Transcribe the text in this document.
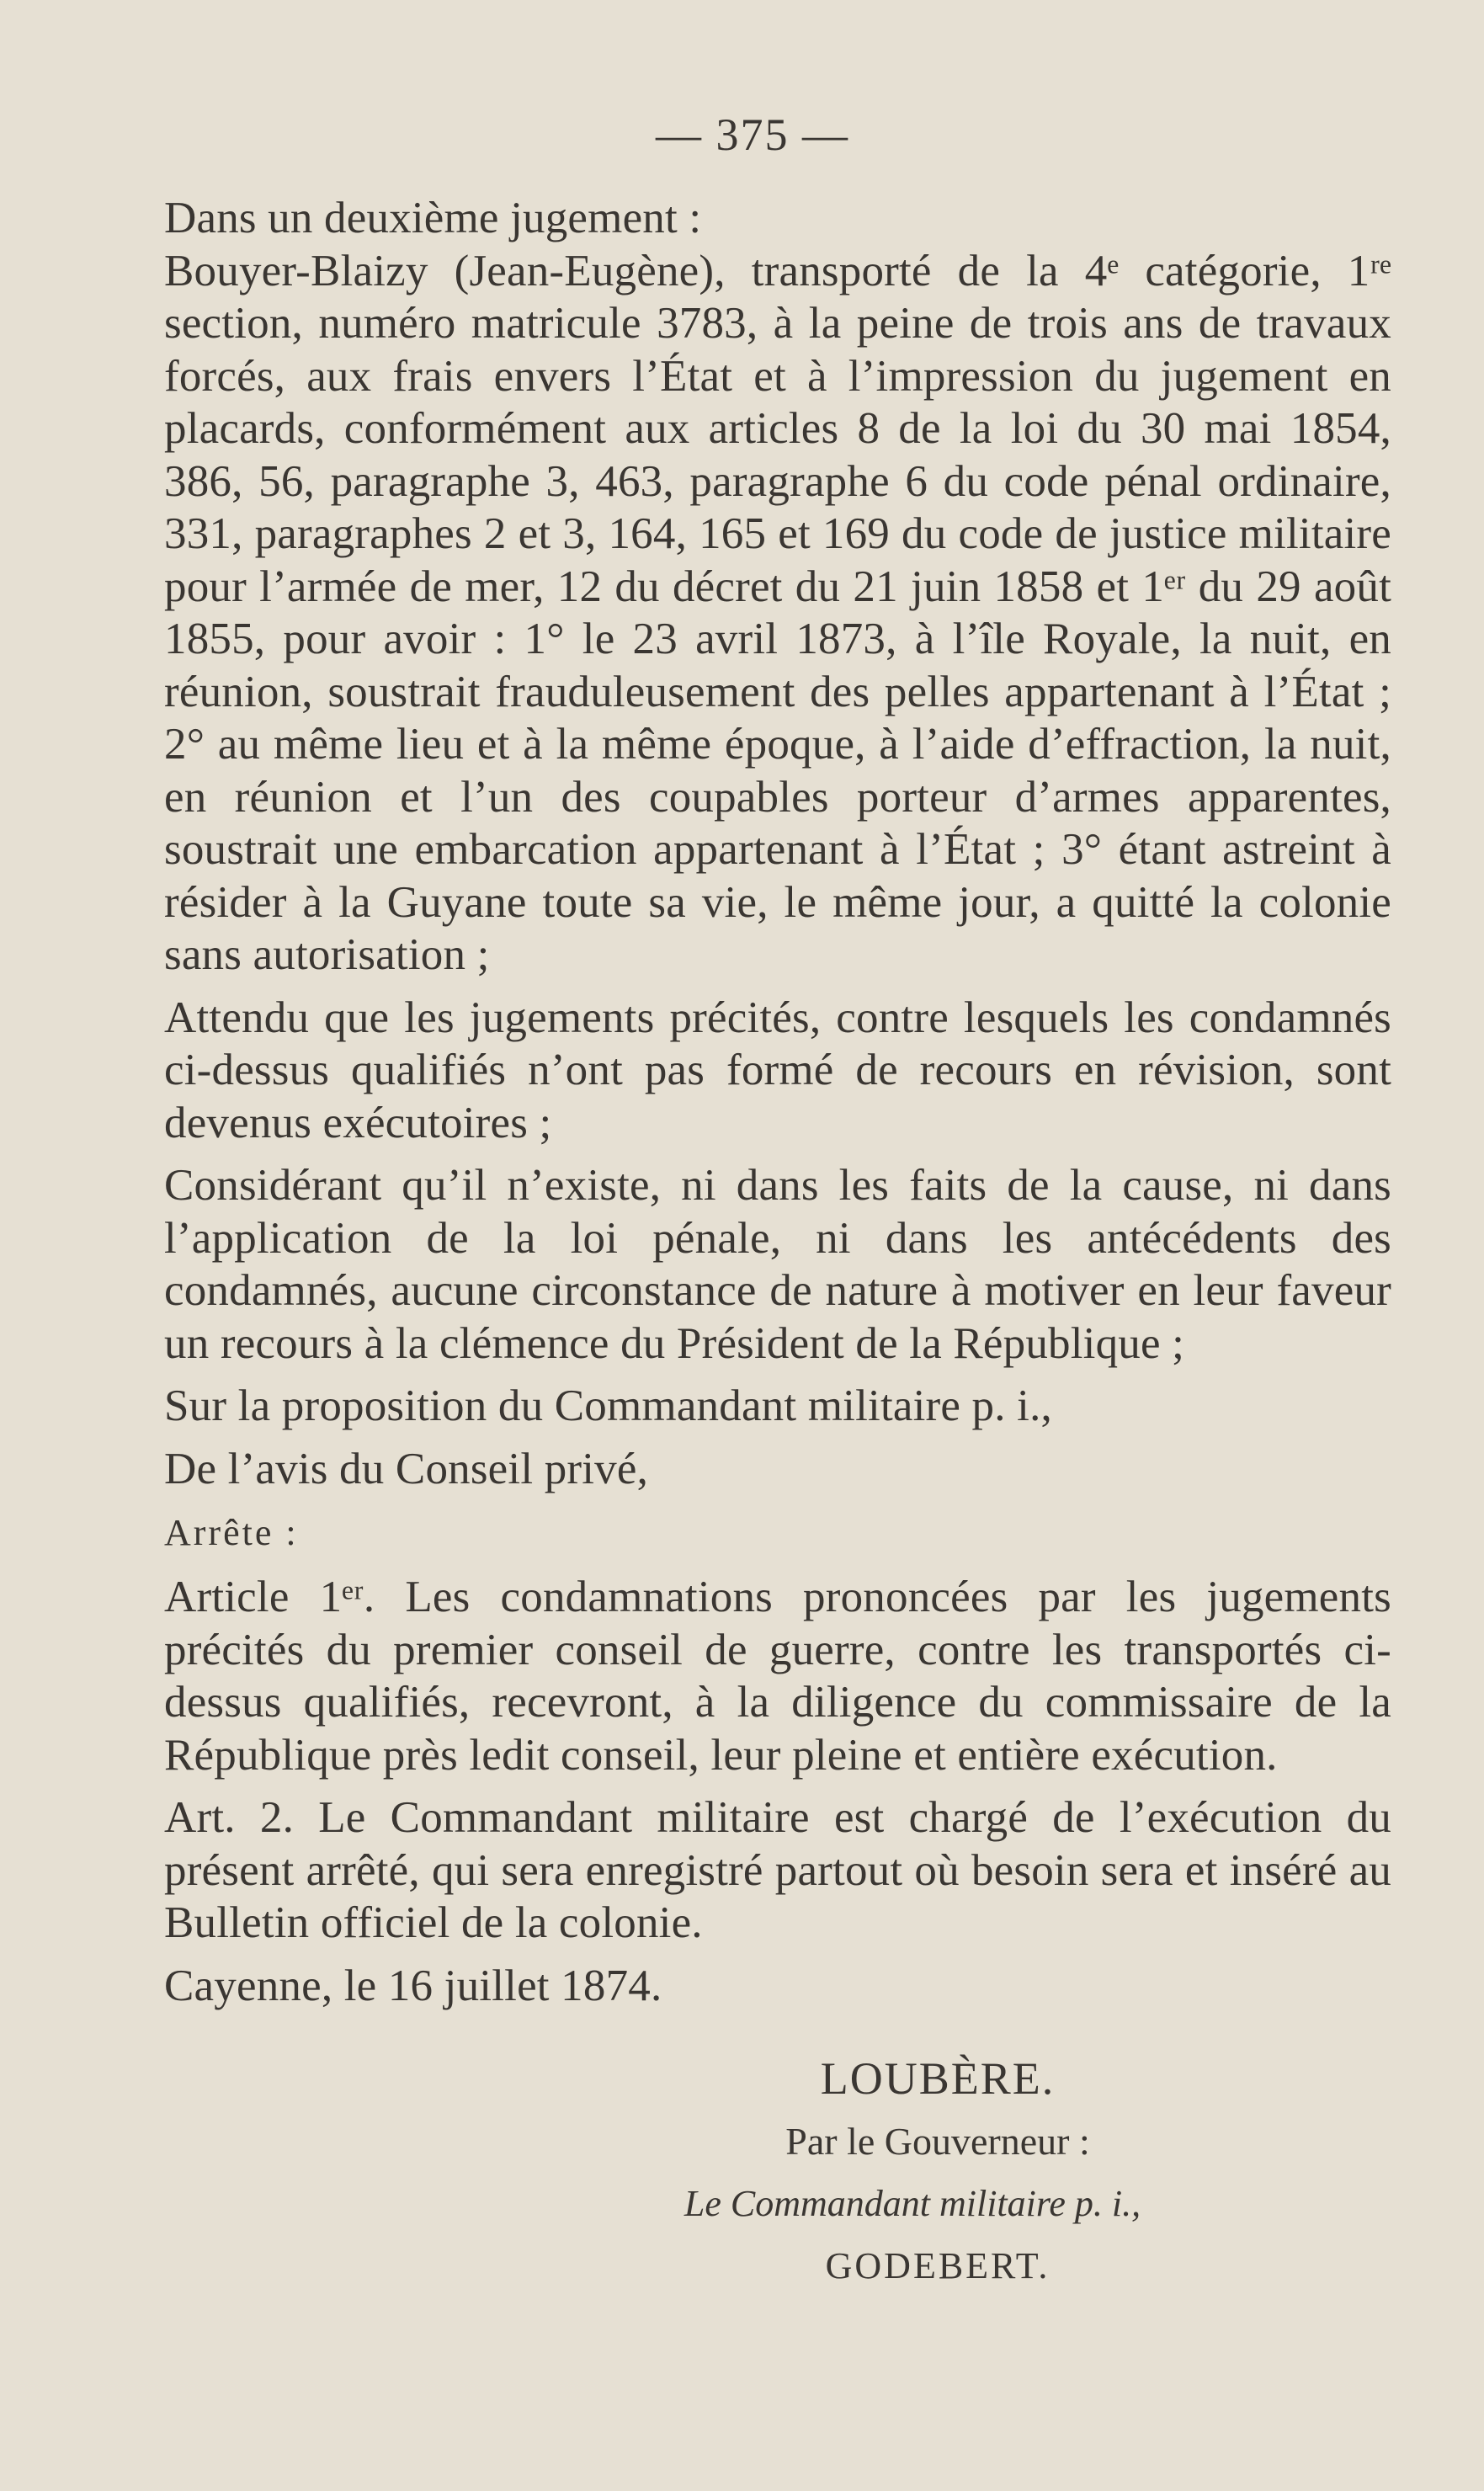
— 375 —

Dans un deuxième jugement :

Bouyer-Blaizy (Jean-Eugène), transporté de la 4ᵉ catégorie, 1ʳᵉ section, numéro matricule 3783, à la peine de trois ans de travaux forcés, aux frais envers l’État et à l’impression du jugement en placards, conformément aux articles 8 de la loi du 30 mai 1854, 386, 56, paragraphe 3, 463, paragraphe 6 du code pénal ordinaire, 331, paragraphes 2 et 3, 164, 165 et 169 du code de justice militaire pour l’armée de mer, 12 du décret du 21 juin 1858 et 1ᵉʳ du 29 août 1855, pour avoir : 1° le 23 avril 1873, à l’île Royale, la nuit, en réunion, soustrait frauduleusement des pelles appartenant à l’État ; 2° au même lieu et à la même époque, à l’aide d’effraction, la nuit, en réunion et l’un des coupables porteur d’armes apparentes, soustrait une embarcation appartenant à l’État ; 3° étant astreint à résider à la Guyane toute sa vie, le même jour, a quitté la colonie sans autorisation ;

Attendu que les jugements précités, contre lesquels les condamnés ci-dessus qualifiés n’ont pas formé de recours en révision, sont devenus exécutoires ;

Considérant qu’il n’existe, ni dans les faits de la cause, ni dans l’application de la loi pénale, ni dans les antécédents des condamnés, aucune circonstance de nature à motiver en leur faveur un recours à la clémence du Président de la République ;

Sur la proposition du Commandant militaire p. i.,

De l’avis du Conseil privé,

Arrête :

Article 1ᵉʳ. Les condamnations prononcées par les jugements précités du premier conseil de guerre, contre les transportés ci-dessus qualifiés, recevront, à la diligence du commissaire de la République près ledit conseil, leur pleine et entière exécution.

Art. 2. Le Commandant militaire est chargé de l’exécution du présent arrêté, qui sera enregistré partout où besoin sera et inséré au Bulletin officiel de la colonie.

Cayenne, le 16 juillet 1874.

LOUBÈRE.
Par le Gouverneur :
Le Commandant militaire p. i.,
GODEBERT.
